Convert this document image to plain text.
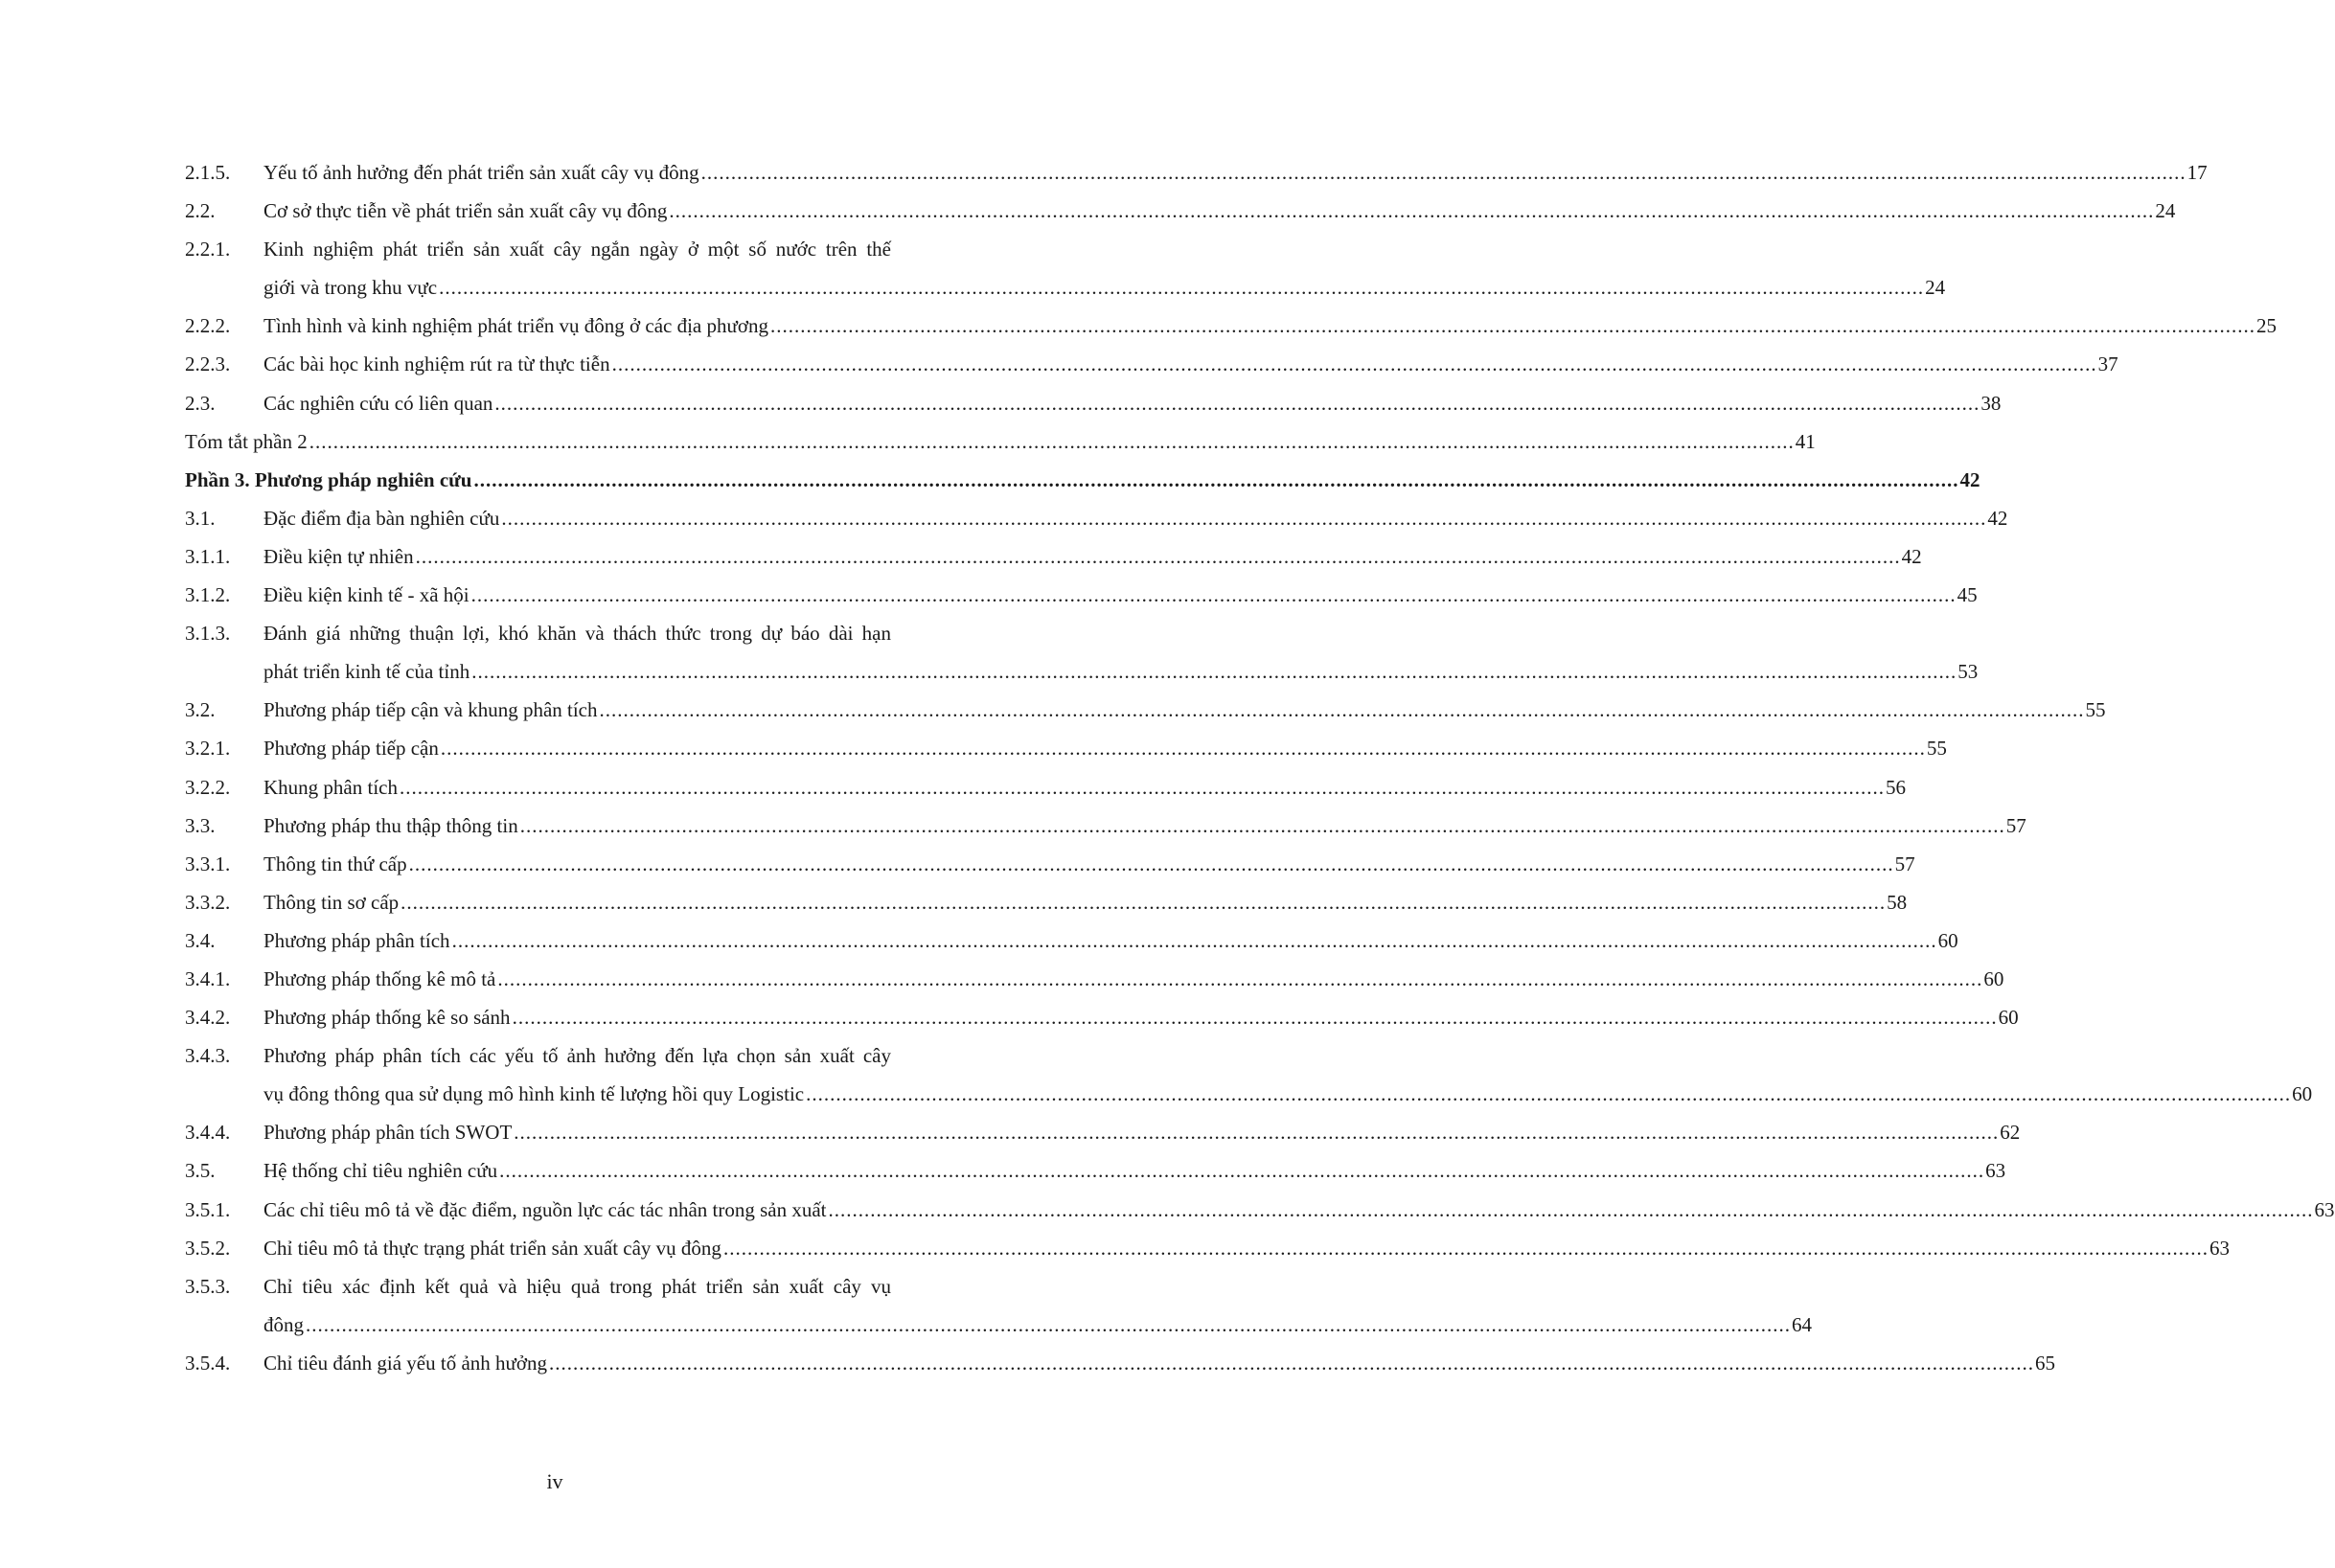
2.1.5.	Yếu tố ảnh hưởng đến phát triển sản xuất cây vụ đông .....	17
2.2.	Cơ sở thực tiễn về phát triển sản xuất cây vụ đông .....	24
2.2.1.	Kinh nghiệm phát triển sản xuất cây ngắn ngày ở một số nước trên thế
giới và trong khu vực .....	24
2.2.2.	Tình hình và kinh nghiệm phát triển vụ đông ở các địa phương .....	25
2.2.3.	Các bài học kinh nghiệm rút ra từ thực tiễn .....	37
2.3.	Các nghiên cứu có liên quan .....	38
Tóm tắt phần 2 .....	41
Phần 3. Phương pháp nghiên cứu .....	42
3.1.	Đặc điểm địa bàn nghiên cứu .....	42
3.1.1.	Điều kiện tự nhiên .....	42
3.1.2.	Điều kiện kinh tế - xã hội .....	45
3.1.3.	Đánh giá những thuận lợi, khó khăn và thách thức trong dự báo dài hạn
phát triển kinh tế của tỉnh .....	53
3.2.	Phương pháp tiếp cận và khung phân tích .....	55
3.2.1.	Phương pháp tiếp cận .....	55
3.2.2.	Khung phân tích .....	56
3.3.	Phương pháp thu thập thông tin .....	57
3.3.1.	Thông tin thứ cấp .....	57
3.3.2.	Thông tin sơ cấp .....	58
3.4.	Phương pháp phân tích .....	60
3.4.1.	Phương pháp thống kê mô tả .....	60
3.4.2.	Phương pháp thống kê so sánh .....	60
3.4.3.	Phương pháp phân tích các yếu tố ảnh hưởng đến lựa chọn sản xuất cây
vụ đông thông qua sử dụng mô hình kinh tế lượng hồi quy Logistic .....	60
3.4.4.	Phương pháp phân tích SWOT .....	62
3.5.	Hệ thống chỉ tiêu nghiên cứu .....	63
3.5.1.	Các chỉ tiêu mô tả về đặc điểm, nguồn lực các tác nhân trong sản xuất .....	63
3.5.2.	Chỉ tiêu mô tả thực trạng phát triển sản xuất cây vụ đông .....	63
3.5.3.	Chỉ tiêu xác định kết quả và hiệu quả trong phát triển sản xuất cây vụ
đông .....	64
3.5.4.	Chỉ tiêu đánh giá yếu tố ảnh hưởng .....	65
iv
